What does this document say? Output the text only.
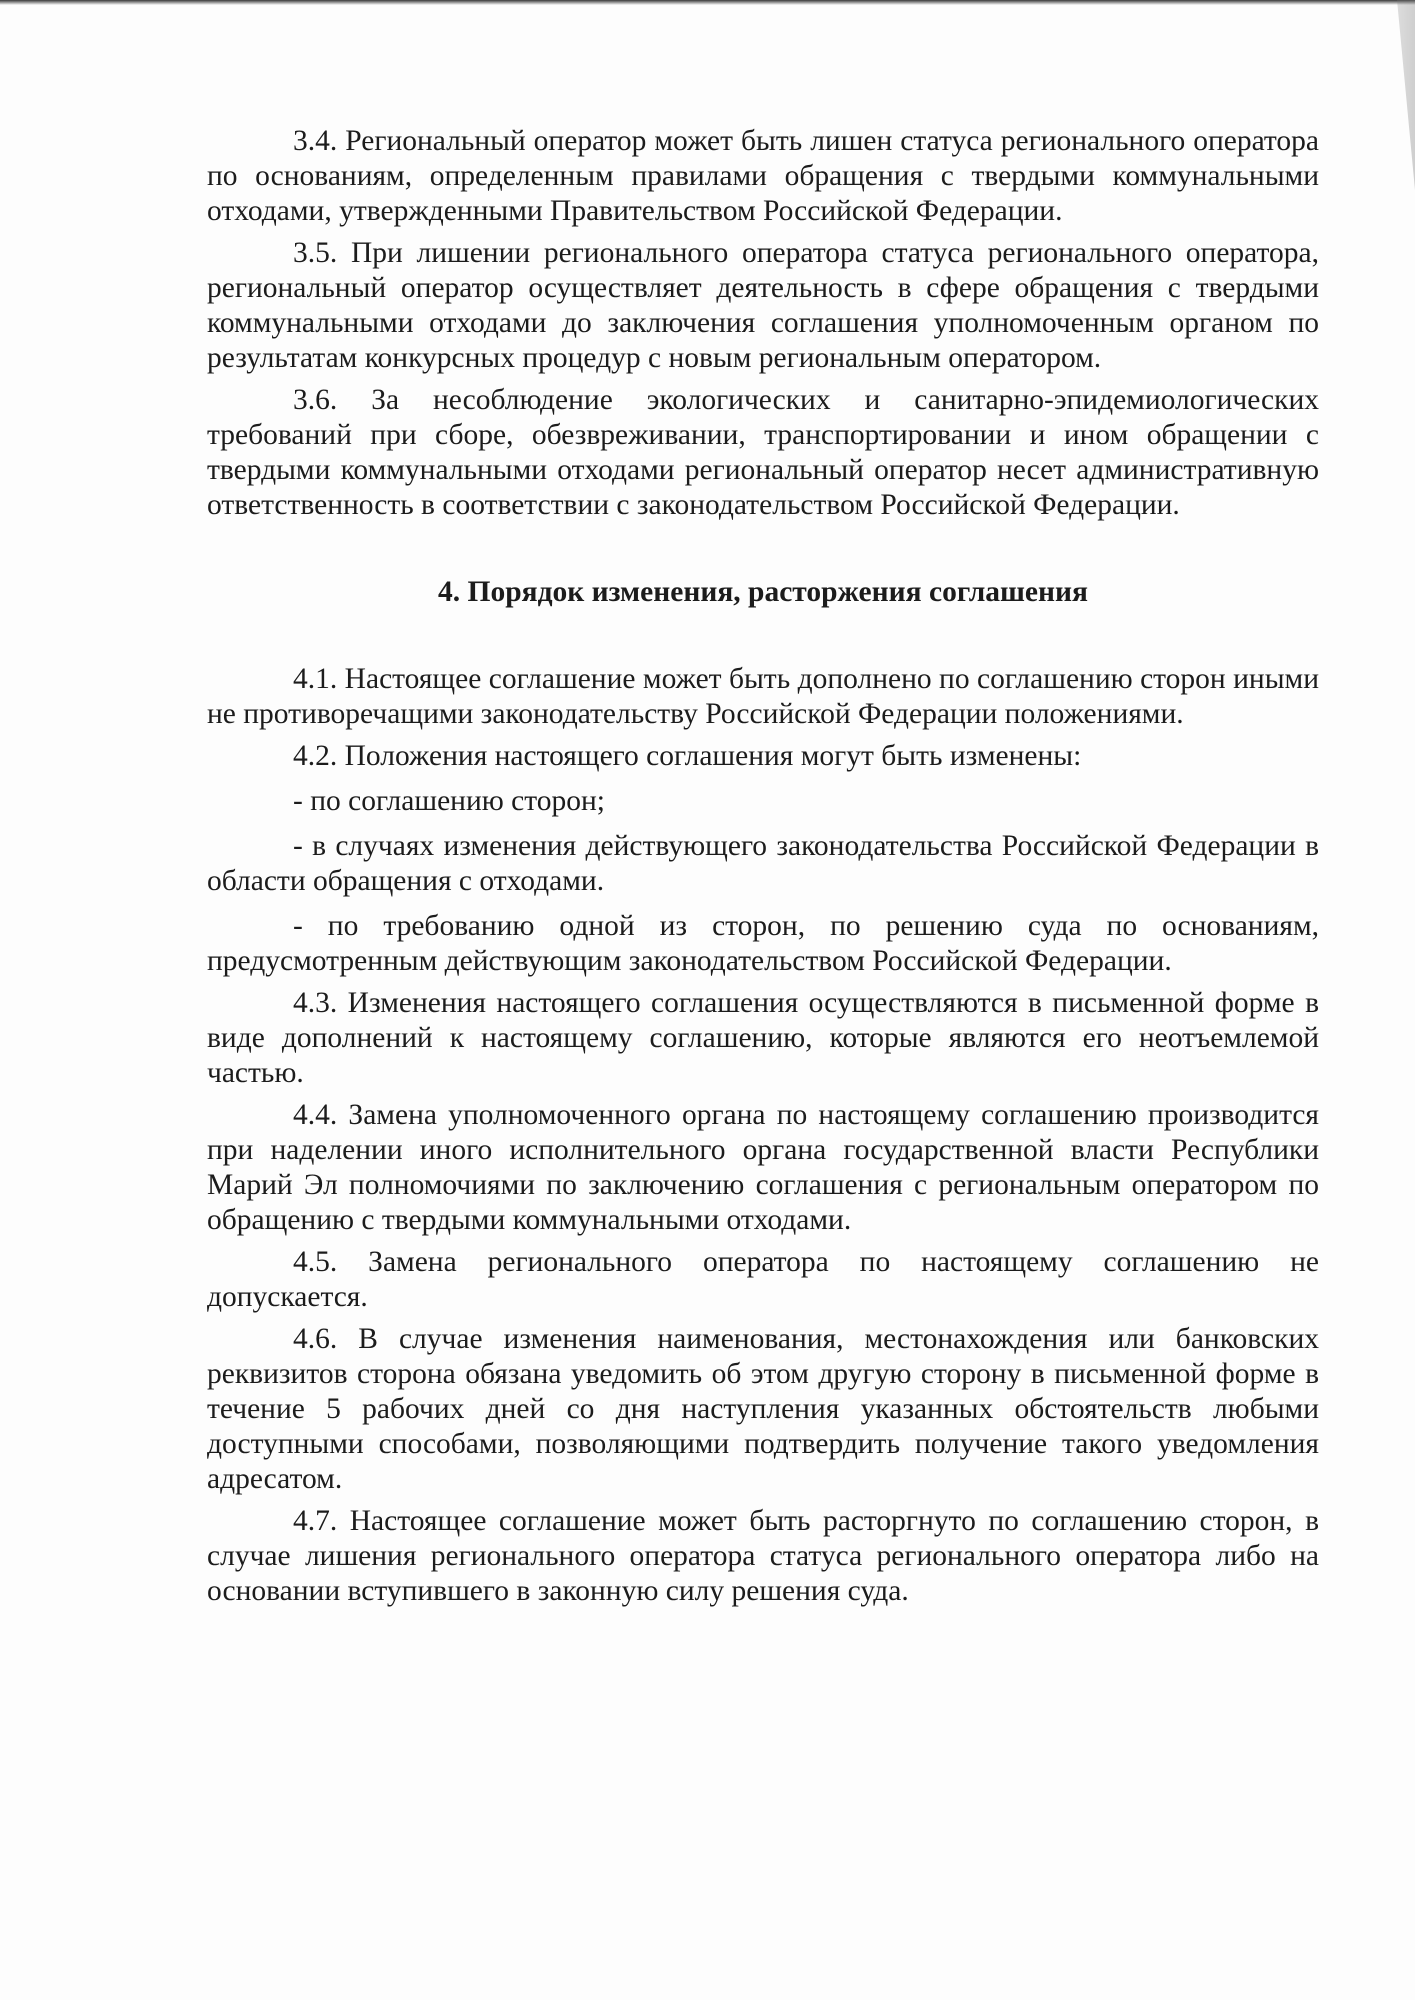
3.4. Региональный оператор может быть лишен статуса регионального оператора по основаниям, определенным правилами обращения с твердыми коммунальными отходами, утвержденными Правительством Российской Федерации.

3.5. При лишении регионального оператора статуса регионального оператора, региональный оператор осуществляет деятельность в сфере обращения с твердыми коммунальными отходами до заключения соглашения уполномоченным органом по результатам конкурсных процедур с новым региональным оператором.

3.6. За несоблюдение экологических и санитарно-эпидемиологических требований при сборе, обезвреживании, транспортировании и ином обращении с твердыми коммунальными отходами региональный оператор несет административную ответственность в соответствии с законодательством Российской Федерации.

4. Порядок изменения, расторжения соглашения

4.1. Настоящее соглашение может быть дополнено по соглашению сторон иными не противоречащими законодательству Российской Федерации положениями.

4.2. Положения настоящего соглашения могут быть изменены:

- по соглашению сторон;

- в случаях изменения действующего законодательства Российской Федерации в области обращения с отходами.

- по требованию одной из сторон, по решению суда по основаниям, предусмотренным действующим законодательством Российской Федерации.

4.3. Изменения настоящего соглашения осуществляются в письменной форме в виде дополнений к настоящему соглашению, которые являются его неотъемлемой частью.

4.4. Замена уполномоченного органа по настоящему соглашению производится при наделении иного исполнительного органа государственной власти Республики Марий Эл полномочиями по заключению соглашения с региональным оператором по обращению с твердыми коммунальными отходами.

4.5. Замена регионального оператора по настоящему соглашению не допускается.

4.6. В случае изменения наименования, местонахождения или банковских реквизитов сторона обязана уведомить об этом другую сторону в письменной форме в течение 5 рабочих дней со дня наступления указанных обстоятельств любыми доступными способами, позволяющими подтвердить получение такого уведомления адресатом.

4.7. Настоящее соглашение может быть расторгнуто по соглашению сторон, в случае лишения регионального оператора статуса регионального оператора либо на основании вступившего в законную силу решения суда.
